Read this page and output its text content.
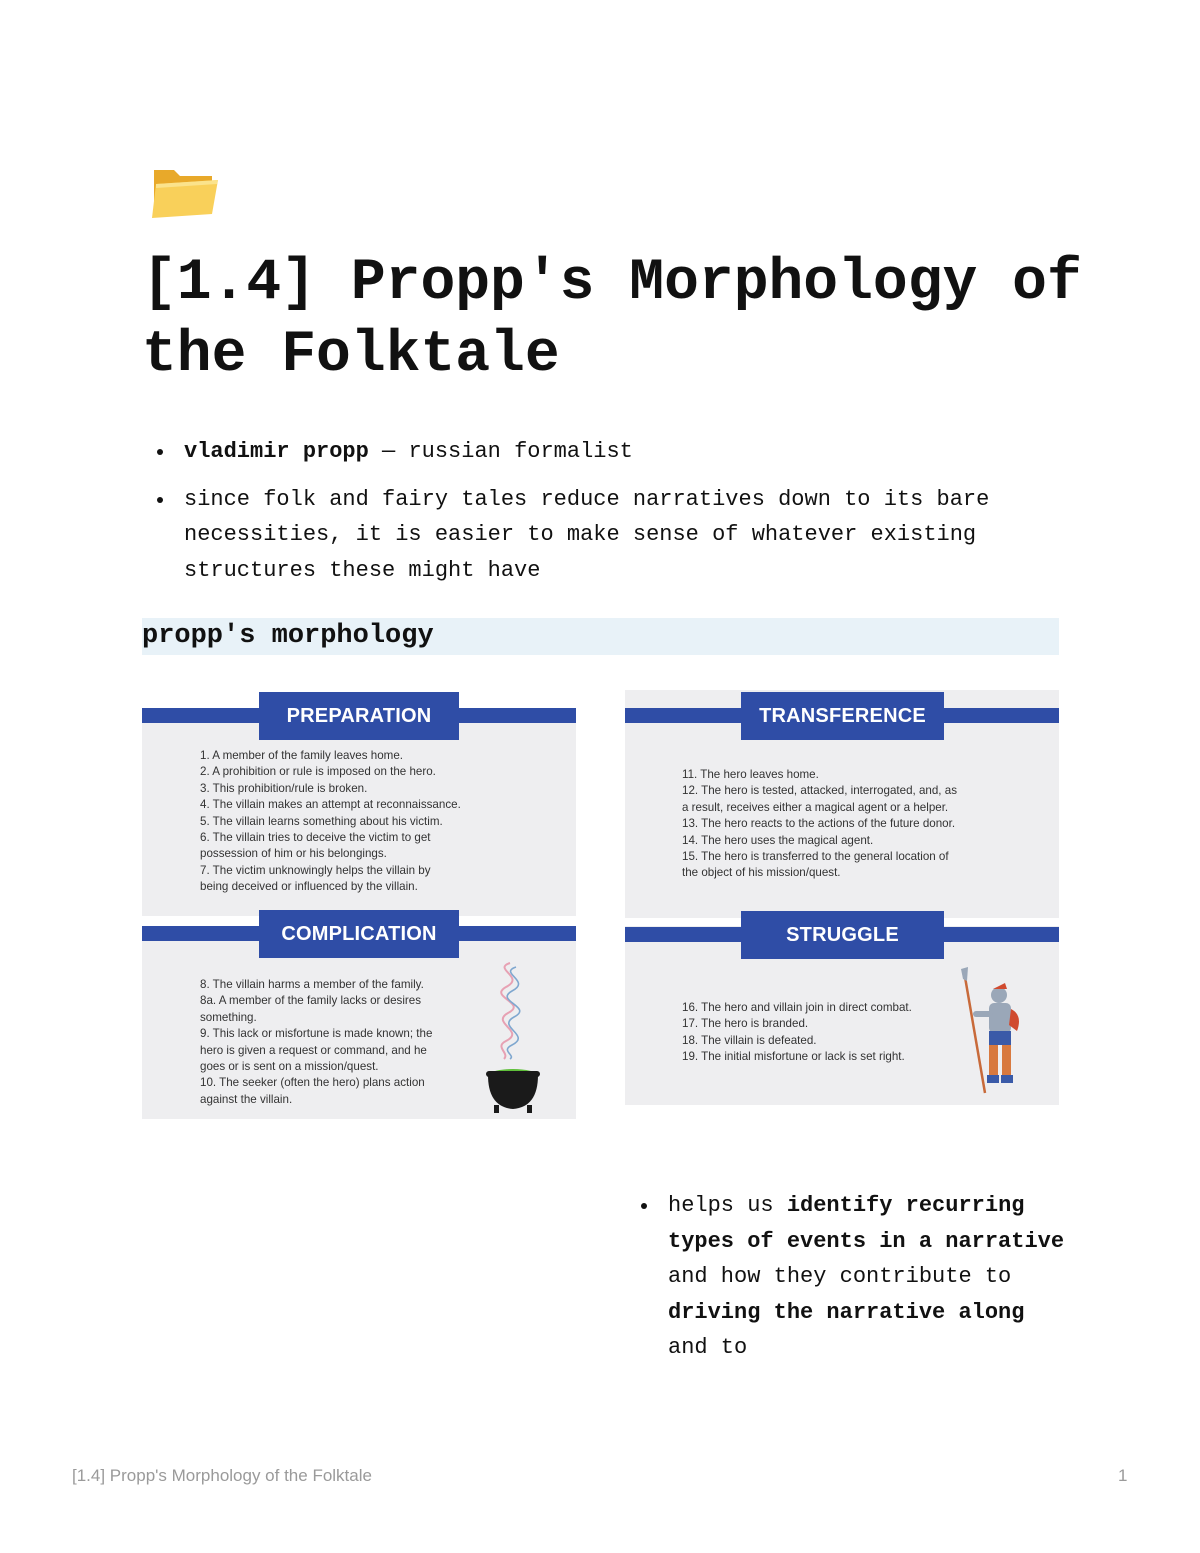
[1.4] Propp's Morphology of the Folktale
vladimir propp — russian formalist
since folk and fairy tales reduce narratives down to its bare necessities, it is easier to make sense of whatever existing structures these might have
propp's morphology
PREPARATION
1. A member of the family leaves home.
2. A prohibition or rule is imposed on the hero.
3. This prohibition/rule is broken.
4. The villain makes an attempt at reconnaissance.
5. The villain learns something about his victim.
6. The villain tries to deceive the victim to get
possession of him or his belongings.
7. The victim unknowingly helps the villain by
being deceived or influenced by the villain.
COMPLICATION
8. The villain harms a member of the family.
8a. A member of the family lacks or desires
something.
9. This lack or misfortune is made known; the
hero is given a request or command, and he
goes or is sent on a mission/quest.
10. The seeker (often the hero) plans action
against the villain.
TRANSFERENCE
11. The hero leaves home.
12. The hero is tested, attacked, interrogated, and, as
a result, receives either a magical agent or a helper.
13. The hero reacts to the actions of the future donor.
14. The hero uses the magical agent.
15. The hero is transferred to the general location of
the object of his mission/quest.
STRUGGLE
16. The hero and villain join in direct combat.
17. The hero is branded.
18. The villain is defeated.
19. The initial misfortune or lack is set right.
helps us identify recurring types of events in a narrative and how they contribute to driving the narrative along and to
[1.4] Propp's Morphology of the Folktale	1
